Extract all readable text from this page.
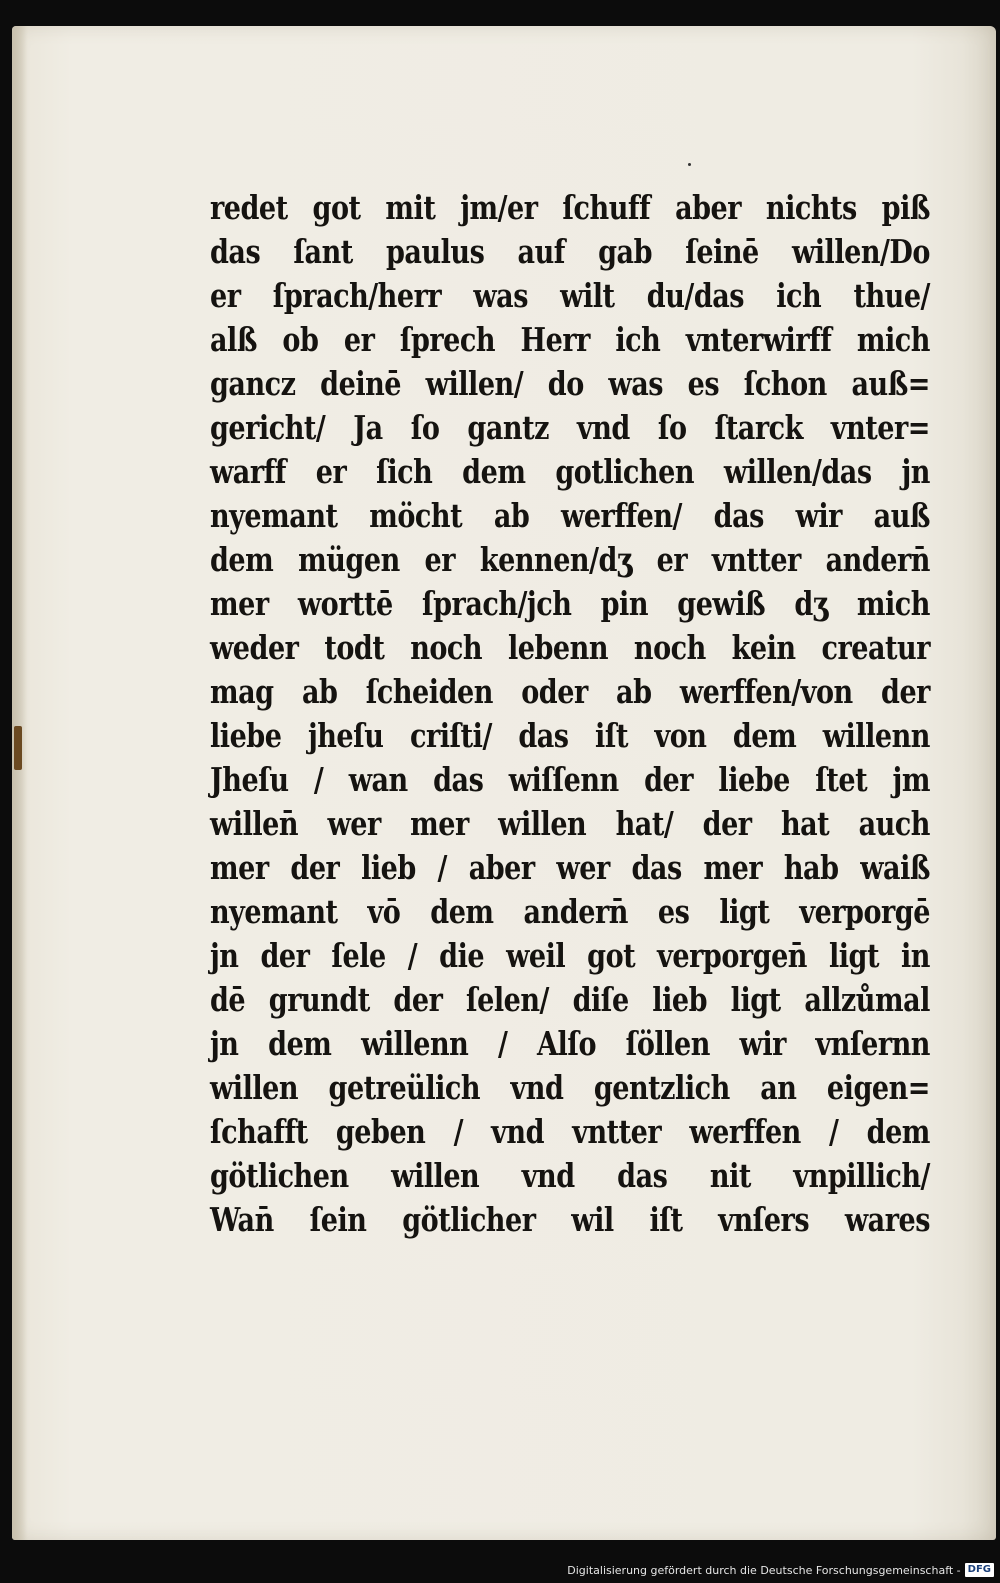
redet got mit jm/er ſchuff aber nichts piß
das ſant paulus auf gab ſeinē willen/Do
er ſprach/herr was wilt du/das ich thue/
alß ob er ſprech Herr ich vnterwirff mich
gancz deinē willen/ do was es ſchon auß=
gericht/ Ja ſo gantz vnd ſo ſtarck vnter=
warff er ſich dem gotlichen willen/das jn
nyemant möcht ab werffen/ das wir auß
dem mügen er kennen/dʒ er vntter andern̄
mer worttē ſprach/jch pin gewiß dʒ mich
weder todt noch lebenn noch kein creatur
mag ab ſcheiden oder ab werffen/von der
liebe jheſu criſti/ das iſt von dem willenn
Jheſu / wan das wiſſenn der liebe ſtet jm
willen̄ wer mer willen hat/ der hat auch
mer der lieb / aber wer das mer hab waiß
nyemant vō dem andern̄ es ligt verporgē
jn der ſele / die weil got verporgen̄ ligt in
dē grundt der ſelen/ diſe lieb ligt allzůmal
jn dem willenn / Alſo ſöllen wir vnſernn
willen getreülich vnd gentzlich an eigen=
ſchafft geben / vnd vntter werffen / dem
götlichen willen vnd das nit vnpillich/
Wan̄ ſein götlicher wil iſt vnſers wares
Digitalisierung gefördert durch die Deutsche Forschungsgemeinschaft - DFG
